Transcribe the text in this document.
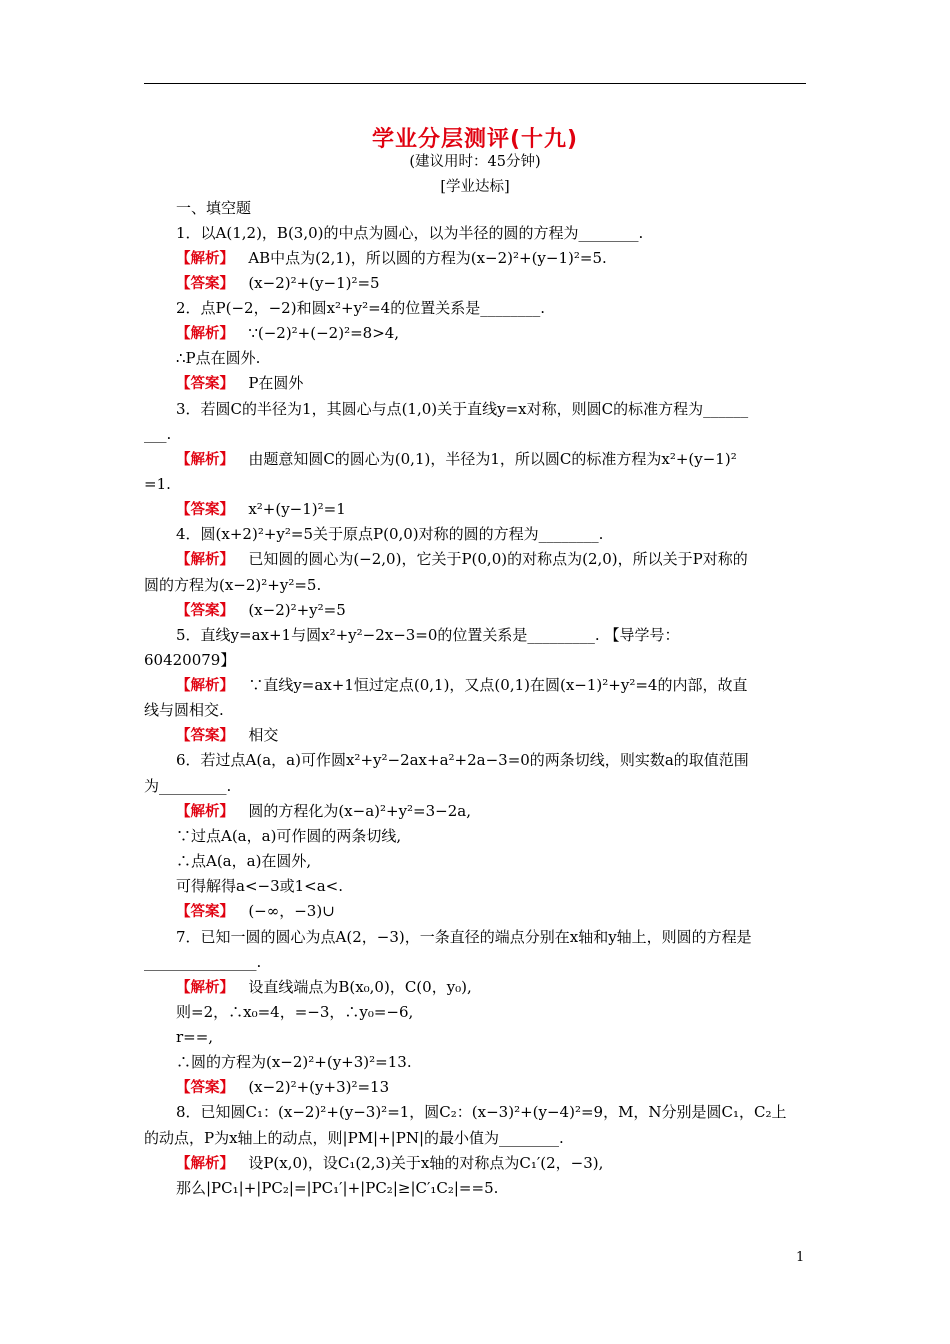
学业分层测评(十九)
(建议用时：45分钟)
[学业达标]
一、填空题
1．以A(1,2)，B(3,0)的中点为圆心，以为半径的圆的方程为________.
【解析】 AB中点为(2,1)，所以圆的方程为(x−2)²+(y−1)²=5.
【答案】 (x−2)²+(y−1)²=5
2．点P(−2，−2)和圆x²+y²=4的位置关系是________.
【解析】 ∵(−2)²+(−2)²=8>4,
∴P点在圆外.
【答案】 P在圆外
3．若圆C的半径为1，其圆心与点(1,0)关于直线y=x对称，则圆C的标准方程为______
___.
【解析】 由题意知圆C的圆心为(0,1)，半径为1，所以圆C的标准方程为x²+(y−1)²
=1.
【答案】 x²+(y−1)²=1
4．圆(x+2)²+y²=5关于原点P(0,0)对称的圆的方程为________.
【解析】 已知圆的圆心为(−2,0)，它关于P(0,0)的对称点为(2,0)，所以关于P对称的
圆的方程为(x−2)²+y²=5.
【答案】 (x−2)²+y²=5
5．直线y=ax+1与圆x²+y²−2x−3=0的位置关系是_________. 【导学号：
60420079】
【解析】 ∵直线y=ax+1恒过定点(0,1)，又点(0,1)在圆(x−1)²+y²=4的内部，故直
线与圆相交.
【答案】 相交
6．若过点A(a，a)可作圆x²+y²−2ax+a²+2a−3=0的两条切线，则实数a的取值范围
为_________.
【解析】 圆的方程化为(x−a)²+y²=3−2a,
∵过点A(a，a)可作圆的两条切线,
∴点A(a，a)在圆外,
可得解得a<−3或1<a<.
【答案】 (−∞，−3)∪
7．已知一圆的圆心为点A(2，−3)，一条直径的端点分别在x轴和y轴上，则圆的方程是
_______________.
【解析】 设直线端点为B(x₀,0)，C(0，y₀),
则=2，∴x₀=4，=−3，∴y₀=−6,
r==,
∴圆的方程为(x−2)²+(y+3)²=13.
【答案】 (x−2)²+(y+3)²=13
8．已知圆C₁：(x−2)²+(y−3)²=1，圆C₂：(x−3)²+(y−4)²=9，M，N分别是圆C₁，C₂上
的动点，P为x轴上的动点，则|PM|+|PN|的最小值为________.
【解析】 设P(x,0)，设C₁(2,3)关于x轴的对称点为C₁′(2，−3),
那么|PC₁|+|PC₂|=|PC₁′|+|PC₂|≥|C′₁C₂|==5.
1
